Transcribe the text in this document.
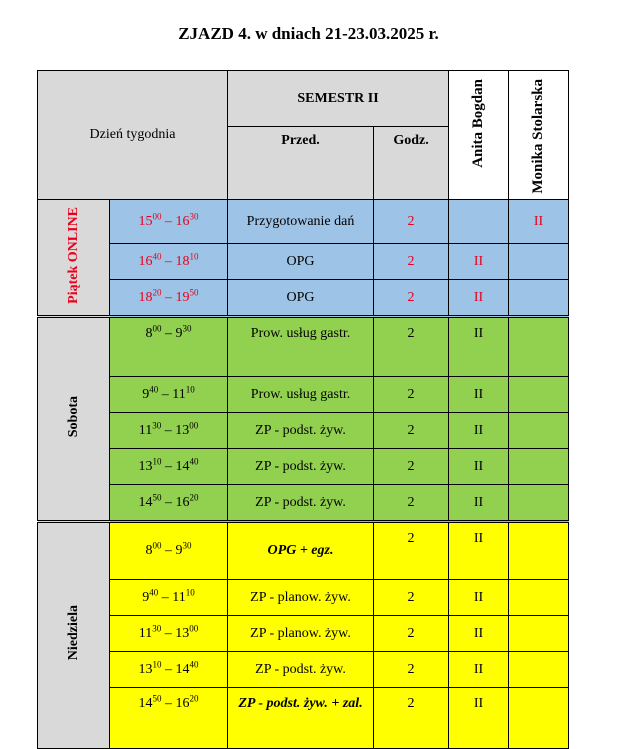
ZJAZD 4. w dniach 21-23.03.2025 r.
Dzień tygodnia		SEMESTR II		Anita Bogdan	Monika Stolarska
		Przed.	Godz.		
Piątek ONLINE	$15^{00} - 16^{30}$	Przygotowanie dań	2		II
	$16^{40} - 18^{10}$	OPG	2	II	
	$18^{20} - 19^{50}$	OPG	2	II	
Sobota	$8^{00} - 9^{30}$	Prow. usług gastr.	2	II	
	$9^{40} - 11^{10}$	Prow. usług gastr.	2	II	
	$11^{30} - 13^{00}$	ZP - podst. żyw.	2	II	
	$13^{10} - 14^{40}$	ZP - podst. żyw.	2	II	
	$14^{50} - 16^{20}$	ZP - podst. żyw.	2	II	
Niedziela	$8^{00} - 9^{30}$	OPG + egz.	2	II	
	$9^{40} - 11^{10}$	ZP - planow. żyw.	2	II	
	$11^{30} - 13^{00}$	ZP - planow. żyw.	2	II	
	$13^{10} - 14^{40}$	ZP - podst. żyw.	2	II	
	$14^{50} - 16^{20}$	ZP - podst. żyw. + zal.	2	II	
